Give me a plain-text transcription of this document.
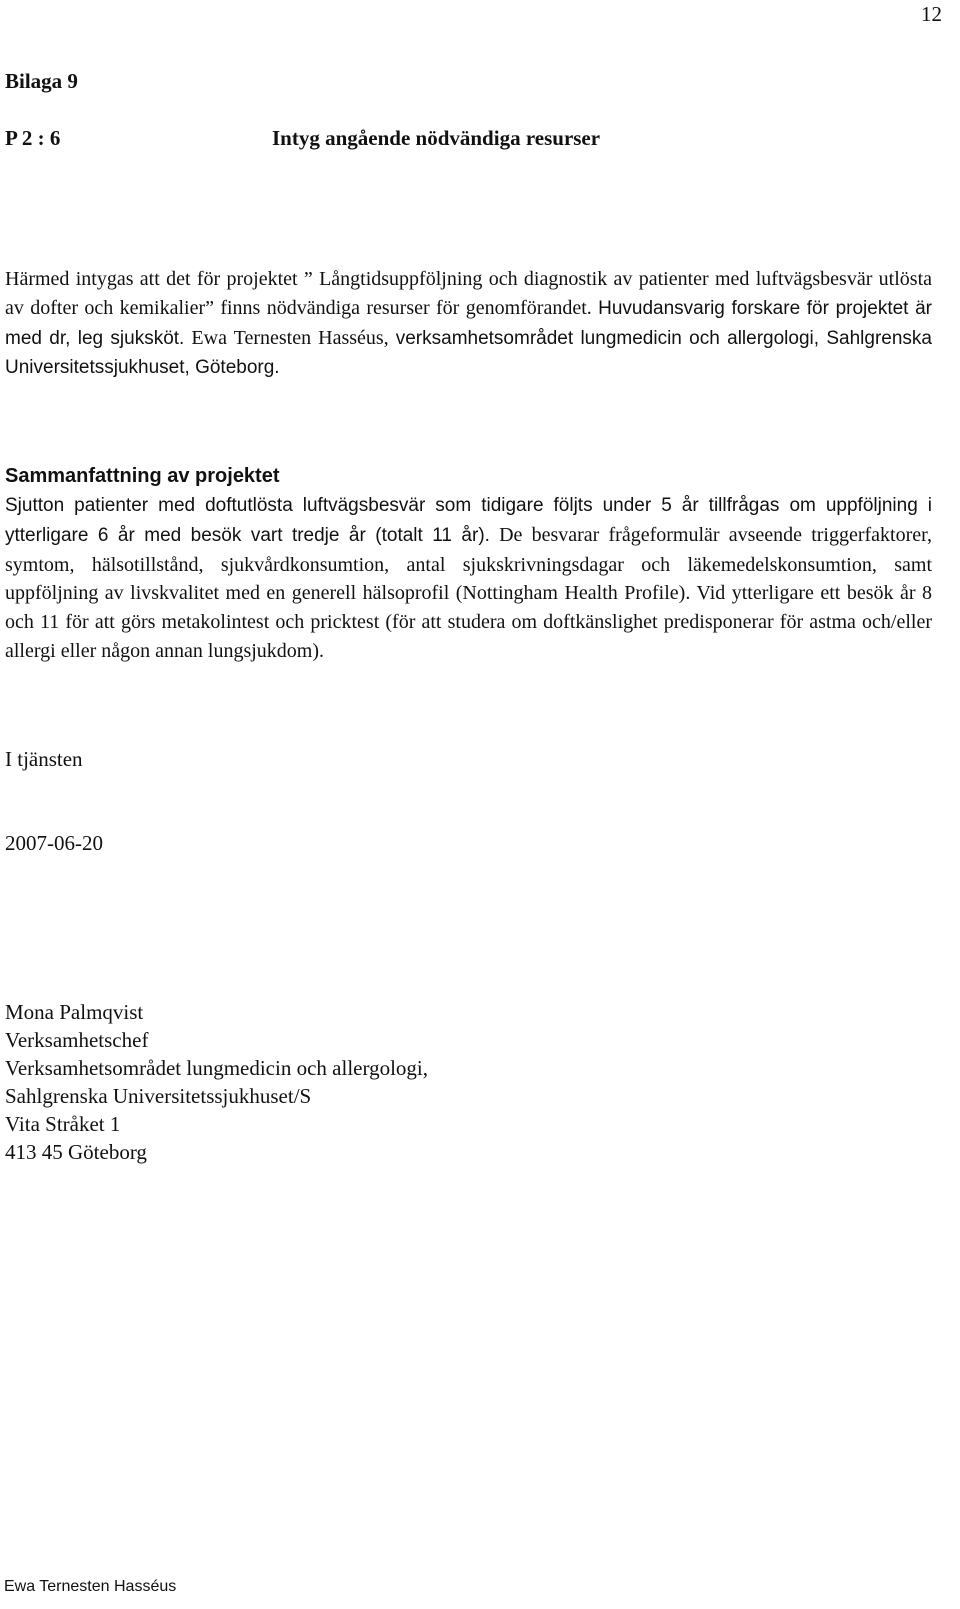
12
Bilaga 9
P 2 : 6	Intyg angående nödvändiga resurser

Härmed intygas att det för projektet ” Långtidsuppföljning och diagnostik av patienter med luftvägsbesvär utlösta av dofter och kemikalier” finns nödvändiga resurser för genomförandet. Huvudansvarig forskare för projektet är med dr, leg sjuksköt. Ewa Ternesten Hasséus, verksamhetsområdet lungmedicin och allergologi, Sahlgrenska Universitetssjukhuset, Göteborg.

Sammanfattning av projektet

Sjutton patienter med doftutlösta luftvägsbesvär som tidigare följts under 5 år tillfrågas om uppföljning i ytterligare 6 år med besök vart tredje år (totalt 11 år). De besvarar frågeformulär avseende triggerfaktorer, symtom, hälsotillstånd, sjukvårdkonsumtion, antal sjukskrivningsdagar och läkemedelskonsumtion, samt uppföljning av livskvalitet med en generell hälsoprofil (Nottingham Health Profile). Vid ytterligare ett besök år 8 och 11 för att görs metakolintest och pricktest (för att studera om doftkänslighet predisponerar för astma och/eller allergi eller någon annan lungsjukdom).

I tjänsten
2007-06-20
Mona Palmqvist
Verksamhetschef
Verksamhetsområdet lungmedicin och allergologi,
Sahlgrenska Universitetssjukhuset/S
Vita Stråket 1
413 45 Göteborg
Ewa Ternesten Hasséus
